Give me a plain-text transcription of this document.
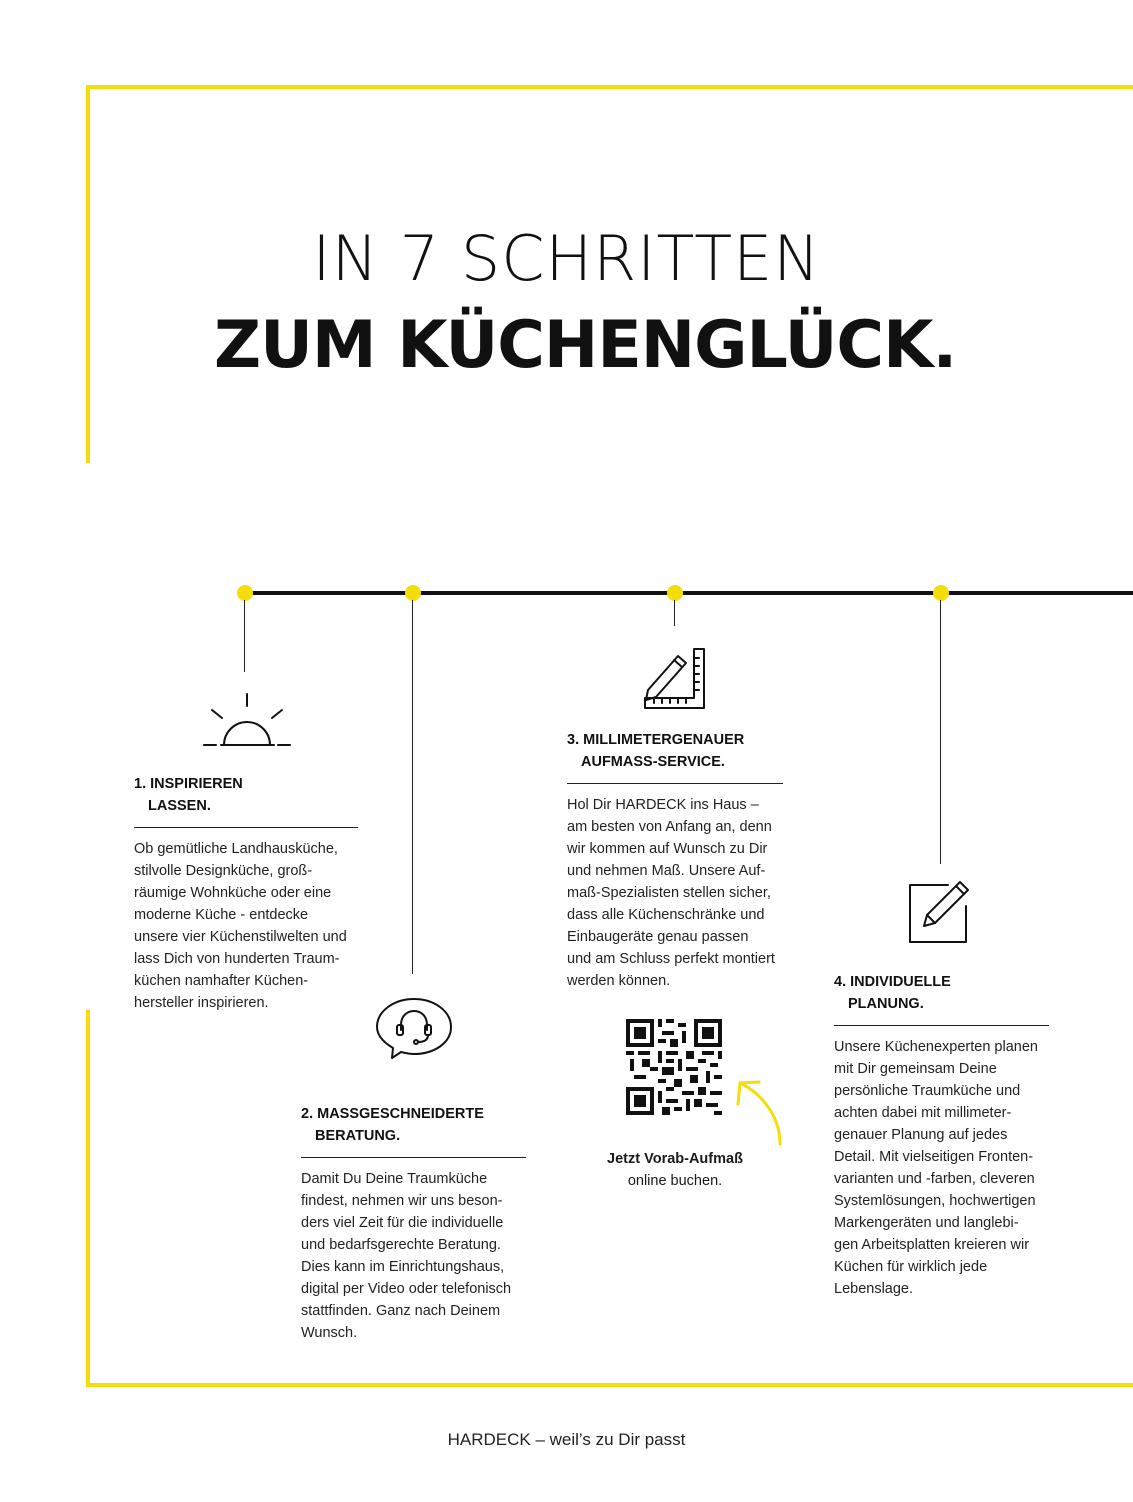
IN 7 SCHRITTEN
ZUM KÜCHENGLÜCK.

1. INSPIRIEREN
LASSEN.

Ob gemütliche Landhausküche,
stilvolle Designküche, groß-
räumige Wohnküche oder eine
moderne Küche - entdecke
unsere vier Küchenstilwelten und
lass Dich von hunderten Traum-
küchen namhafter Küchen-
hersteller inspirieren.

2. MASSGESCHNEIDERTE
BERATUNG.

Damit Du Deine Traumküche
findest, nehmen wir uns beson-
ders viel Zeit für die individuelle
und bedarfsgerechte Beratung.
Dies kann im Einrichtungshaus,
digital per Video oder telefonisch
stattfinden. Ganz nach Deinem
Wunsch.

3. MILLIMETERGENAUER
AUFMASS-SERVICE.

Hol Dir HARDECK ins Haus –
am besten von Anfang an, denn
wir kommen auf Wunsch zu Dir
und nehmen Maß. Unsere Auf-
maß-Spezialisten stellen sicher,
dass alle Küchenschränke und
Einbaugeräte genau passen
und am Schluss perfekt montiert
werden können.

Jetzt Vorab-Aufmaß
online buchen.

4. INDIVIDUELLE
PLANUNG.

Unsere Küchenexperten planen
mit Dir gemeinsam Deine
persönliche Traumküche und
achten dabei mit millimeter-
genauer Planung auf jedes
Detail. Mit vielseitigen Fronten-
varianten und -farben, cleveren
Systemlösungen, hochwertigen
Markengeräten und langlebi-
gen Arbeitsplatten kreieren wir
Küchen für wirklich jede
Lebenslage.

HARDECK – weil’s zu Dir passt
